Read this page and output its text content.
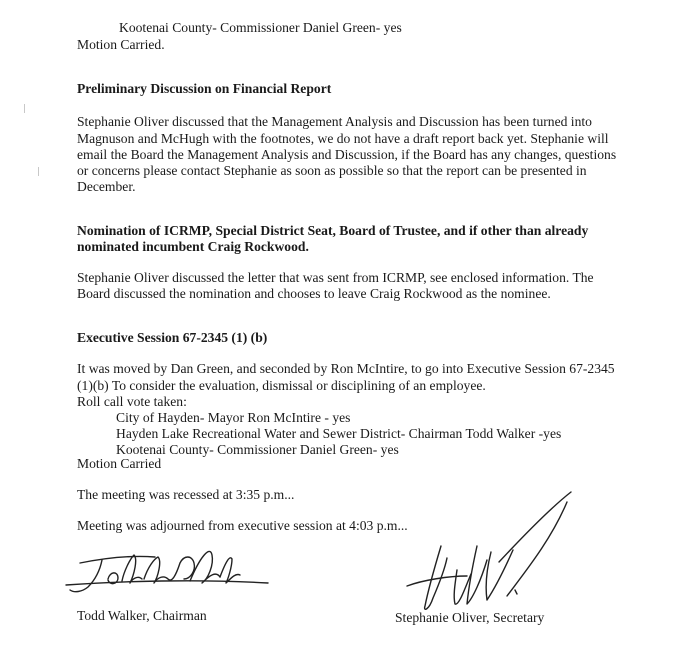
Kootenai County- Commissioner Daniel Green- yes
Motion Carried.
Preliminary Discussion on Financial Report
Stephanie Oliver discussed that the Management Analysis and Discussion has been turned into
Magnuson and McHugh with the footnotes, we do not have a draft report back yet. Stephanie will
email the Board the Management Analysis and Discussion, if the Board has any changes, questions
or concerns please contact Stephanie as soon as possible so that the report can be presented in
December.
Nomination of ICRMP, Special District Seat, Board of Trustee, and if other than already
nominated incumbent Craig Rockwood.
Stephanie Oliver discussed the letter that was sent from ICRMP, see enclosed information. The
Board discussed the nomination and chooses to leave Craig Rockwood as the nominee.
Executive Session 67-2345 (1) (b)
It was moved by Dan Green, and seconded by Ron McIntire, to go into Executive Session 67-2345
(1)(b) To consider the evaluation, dismissal or disciplining of an employee.
Roll call vote taken:
City of Hayden- Mayor Ron McIntire - yes
Hayden Lake Recreational Water and Sewer District- Chairman Todd Walker -yes
Kootenai County- Commissioner Daniel Green- yes
Motion Carried
The meeting was recessed at 3:35 p.m...
Meeting was adjourned from executive session at 4:03 p.m...
Todd Walker, Chairman	Stephanie Oliver, Secretary
